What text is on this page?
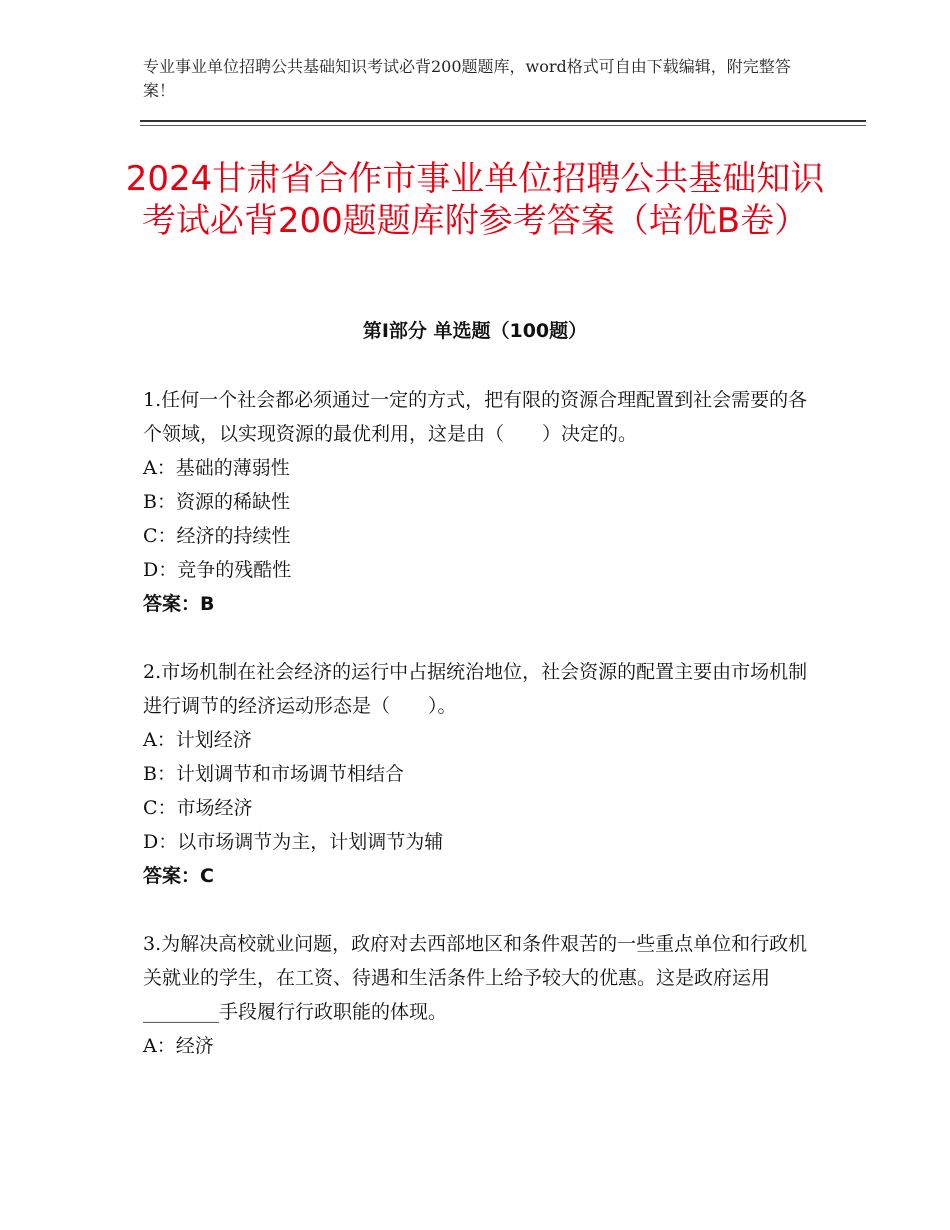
专业事业单位招聘公共基础知识考试必背200题题库，word格式可自由下载编辑，附完整答案！
2024甘肃省合作市事业单位招聘公共基础知识考试必背200题题库附参考答案（培优B卷）
第I部分 单选题（100题）

1.任何一个社会都必须通过一定的方式，把有限的资源合理配置到社会需要的各个领域，以实现资源的最优利用，这是由（　　）决定的。

A：基础的薄弱性

B：资源的稀缺性

C：经济的持续性

D：竞争的残酷性

答案：B

2.市场机制在社会经济的运行中占据统治地位，社会资源的配置主要由市场机制进行调节的经济运动形态是（　　）。

A：计划经济

B：计划调节和市场调节相结合

C：市场经济

D：以市场调节为主，计划调节为辅

答案：C

3.为解决高校就业问题，政府对去西部地区和条件艰苦的一些重点单位和行政机关就业的学生，在工资、待遇和生活条件上给予较大的优惠。这是政府运用________手段履行行政职能的体现。

A：经济
